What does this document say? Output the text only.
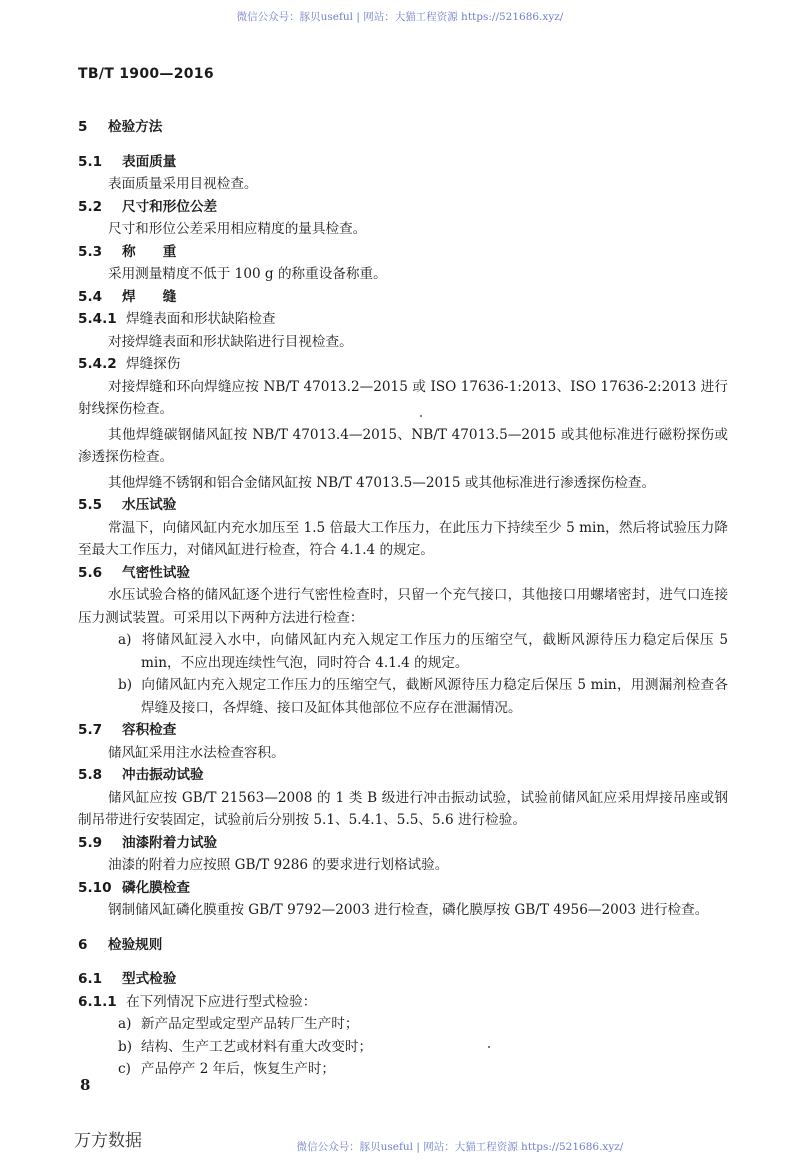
微信公众号：豚贝useful | 网站：大猫工程资源 https://521686.xyz/
TB/T 1900—2016
5 检验方法
5.1 表面质量
表面质量采用目视检查。
5.2 尺寸和形位公差
尺寸和形位公差采用相应精度的量具检查。
5.3 称　　重
采用测量精度不低于 100 g 的称重设备称重。
5.4 焊　　缝
5.4.1 焊缝表面和形状缺陷检查
对接焊缝表面和形状缺陷进行目视检查。
5.4.2 焊缝探伤
对接焊缝和环向焊缝应按 NB/T 47013.2—2015 或 ISO 17636-1:2013、ISO 17636-2:2013 进行射线探伤检查。
其他焊缝碳钢储风缸按 NB/T 47013.4—2015、NB/T 47013.5—2015 或其他标准进行磁粉探伤或渗透探伤检查。
其他焊缝不锈钢和铝合金储风缸按 NB/T 47013.5—2015 或其他标准进行渗透探伤检查。
5.5 水压试验
常温下，向储风缸内充水加压至 1.5 倍最大工作压力，在此压力下持续至少 5 min，然后将试验压力降至最大工作压力，对储风缸进行检查，符合 4.1.4 的规定。
5.6 气密性试验
水压试验合格的储风缸逐个进行气密性检查时，只留一个充气接口，其他接口用螺堵密封，进气口连接压力测试装置。可采用以下两种方法进行检查：
a) 将储风缸浸入水中，向储风缸内充入规定工作压力的压缩空气，截断风源待压力稳定后保压 5 min，不应出现连续性气泡，同时符合 4.1.4 的规定。
b) 向储风缸内充入规定工作压力的压缩空气，截断风源待压力稳定后保压 5 min，用测漏剂检查各焊缝及接口，各焊缝、接口及缸体其他部位不应存在泄漏情况。
5.7 容积检查
储风缸采用注水法检查容积。
5.8 冲击振动试验
储风缸应按 GB/T 21563—2008 的 1 类 B 级进行冲击振动试验，试验前储风缸应采用焊接吊座或钢制吊带进行安装固定，试验前后分别按 5.1、5.4.1、5.5、5.6 进行检验。
5.9 油漆附着力试验
油漆的附着力应按照 GB/T 9286 的要求进行划格试验。
5.10 磷化膜检查
钢制储风缸磷化膜重按 GB/T 9792—2003 进行检查，磷化膜厚按 GB/T 4956—2003 进行检查。
6 检验规则
6.1 型式检验
6.1.1 在下列情况下应进行型式检验：
a) 新产品定型或定型产品转厂生产时；
b) 结构、生产工艺或材料有重大改变时；
c) 产品停产 2 年后，恢复生产时；
8
万方数据	微信公众号：豚贝useful | 网站：大猫工程资源 https://521686.xyz/
